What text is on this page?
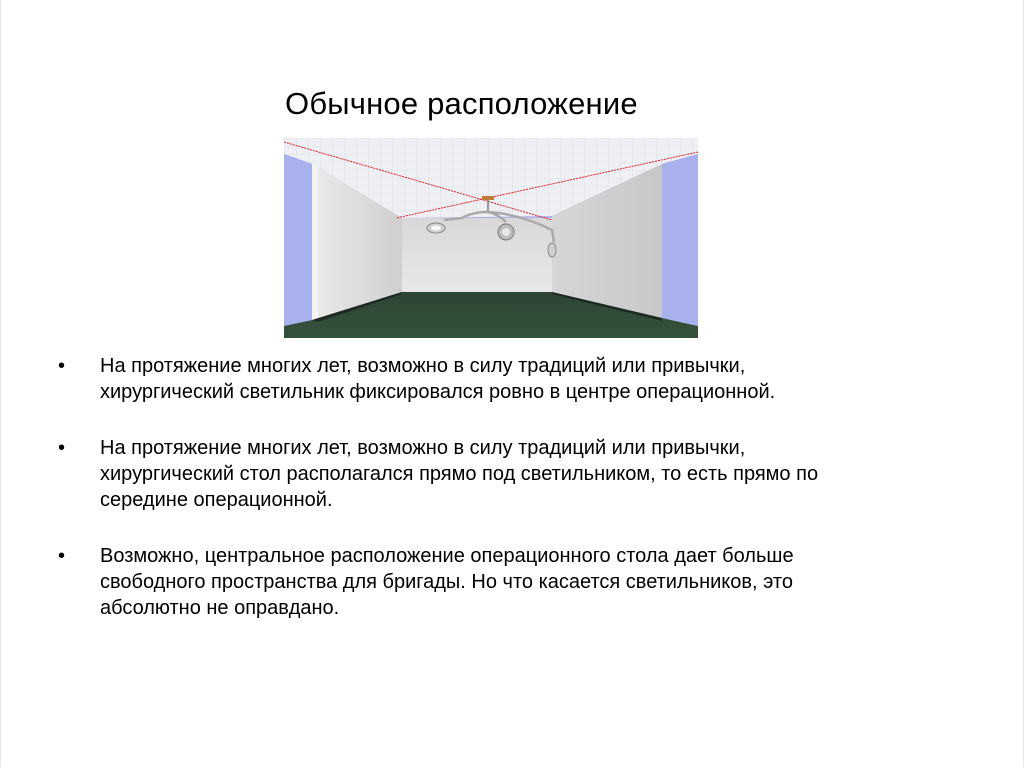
Обычное расположение
• На протяжение многих лет, возможно в силу традиций или привычки,
хирургический светильник фиксировался ровно в центре операционной.
• На протяжение многих лет, возможно в силу традиций или привычки,
хирургический стол располагался прямо под светильником, то есть прямо по
середине операционной.
• Возможно, центральное расположение операционного стола дает больше
свободного пространства для бригады. Но что касается светильников, это
абсолютно не оправдано.
